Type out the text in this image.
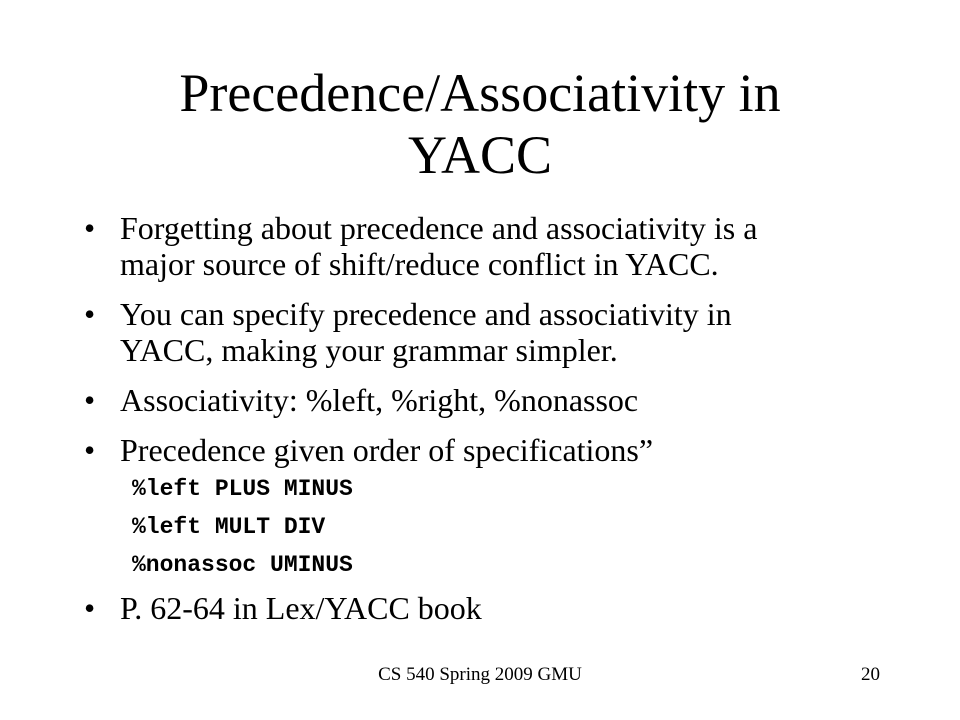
Precedence/Associativity in
YACC
• Forgetting about precedence and associativity is a
major source of shift/reduce conflict in YACC.
• You can specify precedence and associativity in
YACC, making your grammar simpler.
• Associativity: %left, %right, %nonassoc
• Precedence given order of specifications”
%left PLUS MINUS
%left MULT DIV
%nonassoc UMINUS
• P. 62-64 in Lex/YACC book
CS 540 Spring 2009 GMU	20
